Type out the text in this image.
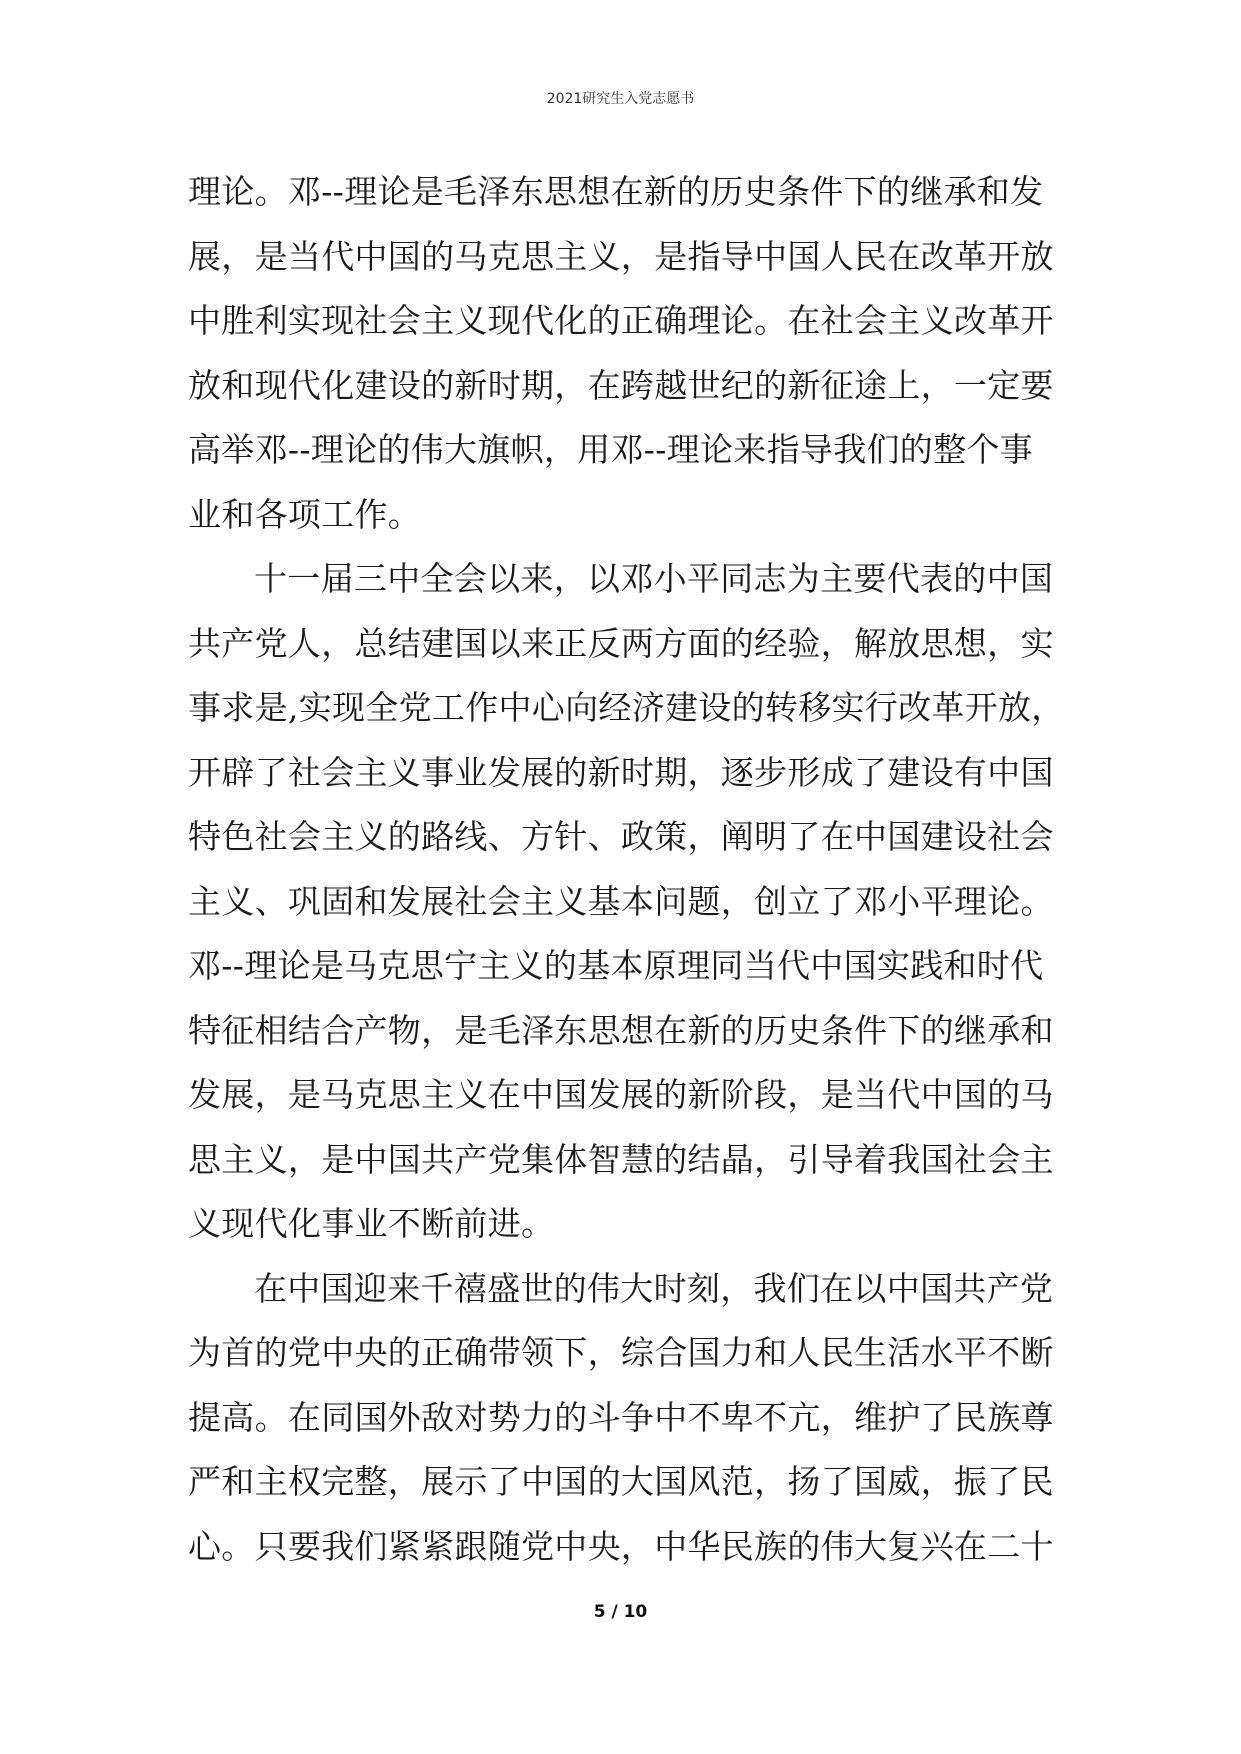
2021研究生入党志愿书
理论。邓--理论是毛泽东思想在新的历史条件下的继承和发
展，是当代中国的马克思主义，是指导中国人民在改革开放
中胜利实现社会主义现代化的正确理论。在社会主义改革开
放和现代化建设的新时期，在跨越世纪的新征途上，一定要
高举邓--理论的伟大旗帜，用邓--理论来指导我们的整个事
业和各项工作。
十一届三中全会以来，以邓小平同志为主要代表的中国
共产党人，总结建国以来正反两方面的经验，解放思想，实
事求是,实现全党工作中心向经济建设的转移实行改革开放，
开辟了社会主义事业发展的新时期，逐步形成了建设有中国
特色社会主义的路线、方针、政策，阐明了在中国建设社会
主义、巩固和发展社会主义基本问题，创立了邓小平理论。
邓--理论是马克思宁主义的基本原理同当代中国实践和时代
特征相结合产物，是毛泽东思想在新的历史条件下的继承和
发展，是马克思主义在中国发展的新阶段，是当代中国的马
思主义，是中国共产党集体智慧的结晶，引导着我国社会主
义现代化事业不断前进。
在中国迎来千禧盛世的伟大时刻，我们在以中国共产党
为首的党中央的正确带领下，综合国力和人民生活水平不断
提高。在同国外敌对势力的斗争中不卑不亢，维护了民族尊
严和主权完整，展示了中国的大国风范，扬了国威，振了民
心。只要我们紧紧跟随党中央，中华民族的伟大复兴在二十
5 / 10
